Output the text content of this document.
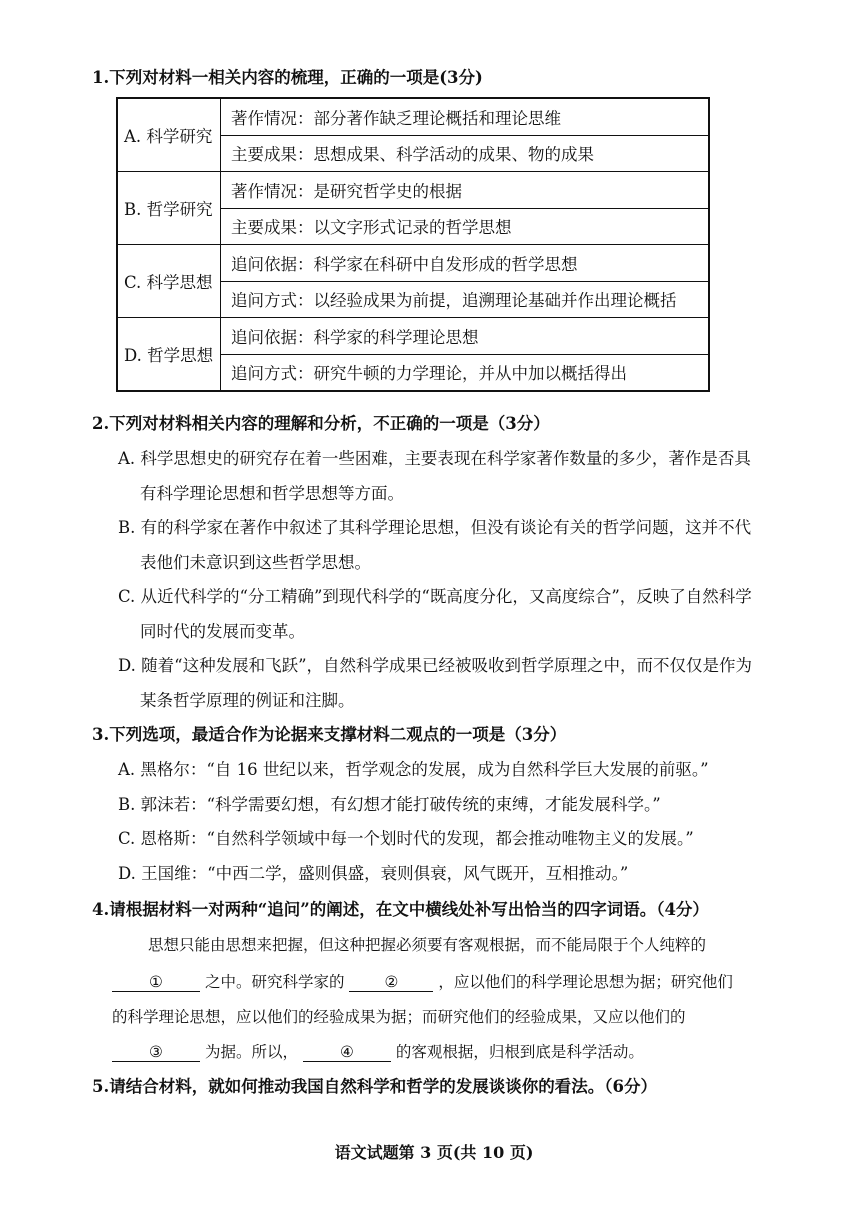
1.下列对材料一相关内容的梳理，正确的一项是(3分)
A. 科学研究	著作情况：部分著作缺乏理论概括和理论思维
	主要成果：思想成果、科学活动的成果、物的成果
B. 哲学研究	著作情况：是研究哲学史的根据
	主要成果：以文字形式记录的哲学思想
C. 科学思想	追问依据：科学家在科研中自发形成的哲学思想
	追问方式：以经验成果为前提，追溯理论基础并作出理论概括
D. 哲学思想	追问依据：科学家的科学理论思想
	追问方式：研究牛顿的力学理论，并从中加以概括得出
2.下列对材料相关内容的理解和分析，不正确的一项是（3分）
A. 科学思想史的研究存在着一些困难，主要表现在科学家著作数量的多少，著作是否具
有科学理论思想和哲学思想等方面。
B. 有的科学家在著作中叙述了其科学理论思想，但没有谈论有关的哲学问题，这并不代
表他们未意识到这些哲学思想。
C. 从近代科学的“分工精确”到现代科学的“既高度分化，又高度综合”，反映了自然科学
同时代的发展而变革。
D. 随着“这种发展和飞跃”，自然科学成果已经被吸收到哲学原理之中，而不仅仅是作为
某条哲学原理的例证和注脚。
3.下列选项，最适合作为论据来支撑材料二观点的一项是（3分）
A. 黑格尔：“自 16 世纪以来，哲学观念的发展，成为自然科学巨大发展的前驱。”
B. 郭沫若：“科学需要幻想，有幻想才能打破传统的束缚，才能发展科学。”
C. 恩格斯：“自然科学领域中每一个划时代的发现，都会推动唯物主义的发展。”
D. 王国维：“中西二学，盛则俱盛，衰则俱衰，风气既开，互相推动。”
4.请根据材料一对两种“追问”的阐述，在文中横线处补写出恰当的四字词语。（4分）
思想只能由思想来把握，但这种把握必须要有客观根据，而不能局限于个人纯粹的
①	之中。研究科学家的	②	，应以他们的科学理论思想为据；研究他们
的科学理论思想，应以他们的经验成果为据；而研究他们的经验成果，又应以他们的
③	为据。所以，	④	的客观根据，归根到底是科学活动。
5.请结合材料，就如何推动我国自然科学和哲学的发展谈谈你的看法。（6分）
语文试题第 3 页(共 10 页)
